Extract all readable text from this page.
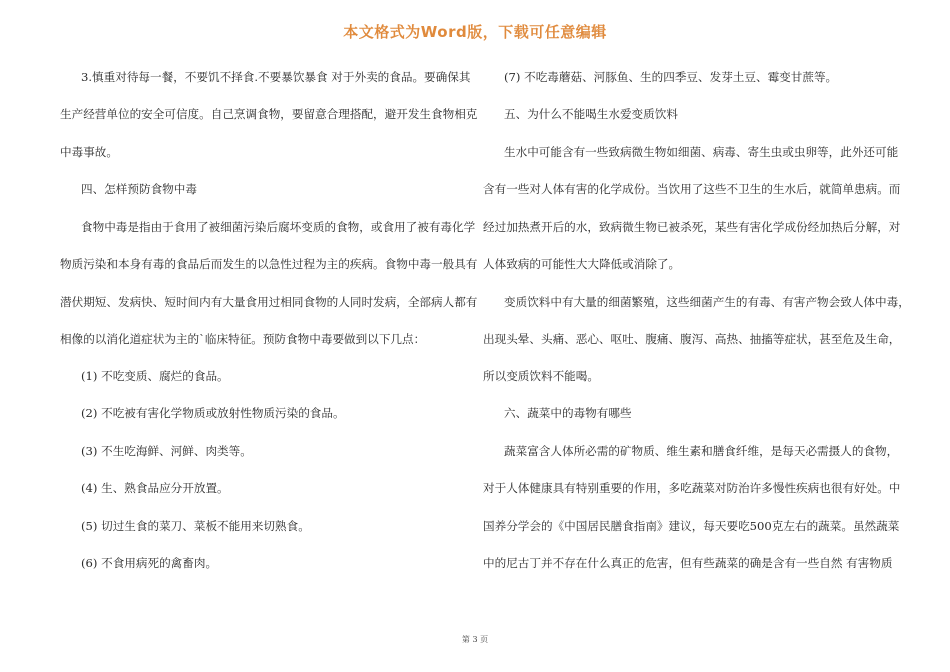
本文格式为Word版，下载可任意编辑
3.慎重对待每一餐，不要饥不择食.不要暴饮暴食 对于外卖的食品。要确保其
生产经营单位的安全可信度。自己烹调食物，要留意合理搭配，避开发生食物相克
中毒事故。
四、怎样预防食物中毒
食物中毒是指由于食用了被细菌污染后腐坏变质的食物，或食用了被有毒化学
物质污染和本身有毒的食品后而发生的以急性过程为主的疾病。食物中毒一般具有
潜伏期短、发病快、短时间内有大量食用过相同食物的人同时发病，全部病人都有
相像的以消化道症状为主的`临床特征。预防食物中毒要做到以下几点：
(1) 不吃变质、腐烂的食品。
(2) 不吃被有害化学物质或放射性物质污染的食品。
(3) 不生吃海鲜、河鲜、肉类等。
(4) 生、熟食品应分开放置。
(5) 切过生食的菜刀、菜板不能用来切熟食。
(6) 不食用病死的禽畜肉。
(7) 不吃毒蘑菇、河豚鱼、生的四季豆、发芽土豆、霉变甘蔗等。
五、为什么不能喝生水爱变质饮料
生水中可能含有一些致病微生物如细菌、病毒、寄生虫或虫卵等，此外还可能
含有一些对人体有害的化学成份。当饮用了这些不卫生的生水后，就简单患病。而
经过加热煮开后的水，致病微生物已被杀死，某些有害化学成份经加热后分解，对
人体致病的可能性大大降低或消除了。
变质饮料中有大量的细菌繁殖，这些细菌产生的有毒、有害产物会致人体中毒，
出现头晕、头痛、恶心、呕吐、腹痛、腹泻、高热、抽搐等症状，甚至危及生命，
所以变质饮料不能喝。
六、蔬菜中的毒物有哪些
蔬菜富含人体所必需的矿物质、维生素和膳食纤维，是每天必需摄人的食物，
对于人体健康具有特别重要的作用，多吃蔬菜对防治许多慢性疾病也很有好处。中
国养分学会的《中国居民膳食指南》建议，每天要吃500克左右的蔬菜。虽然蔬菜
中的尼古丁并不存在什么真正的危害，但有些蔬菜的确是含有一些自然 有害物质
第 3 页
